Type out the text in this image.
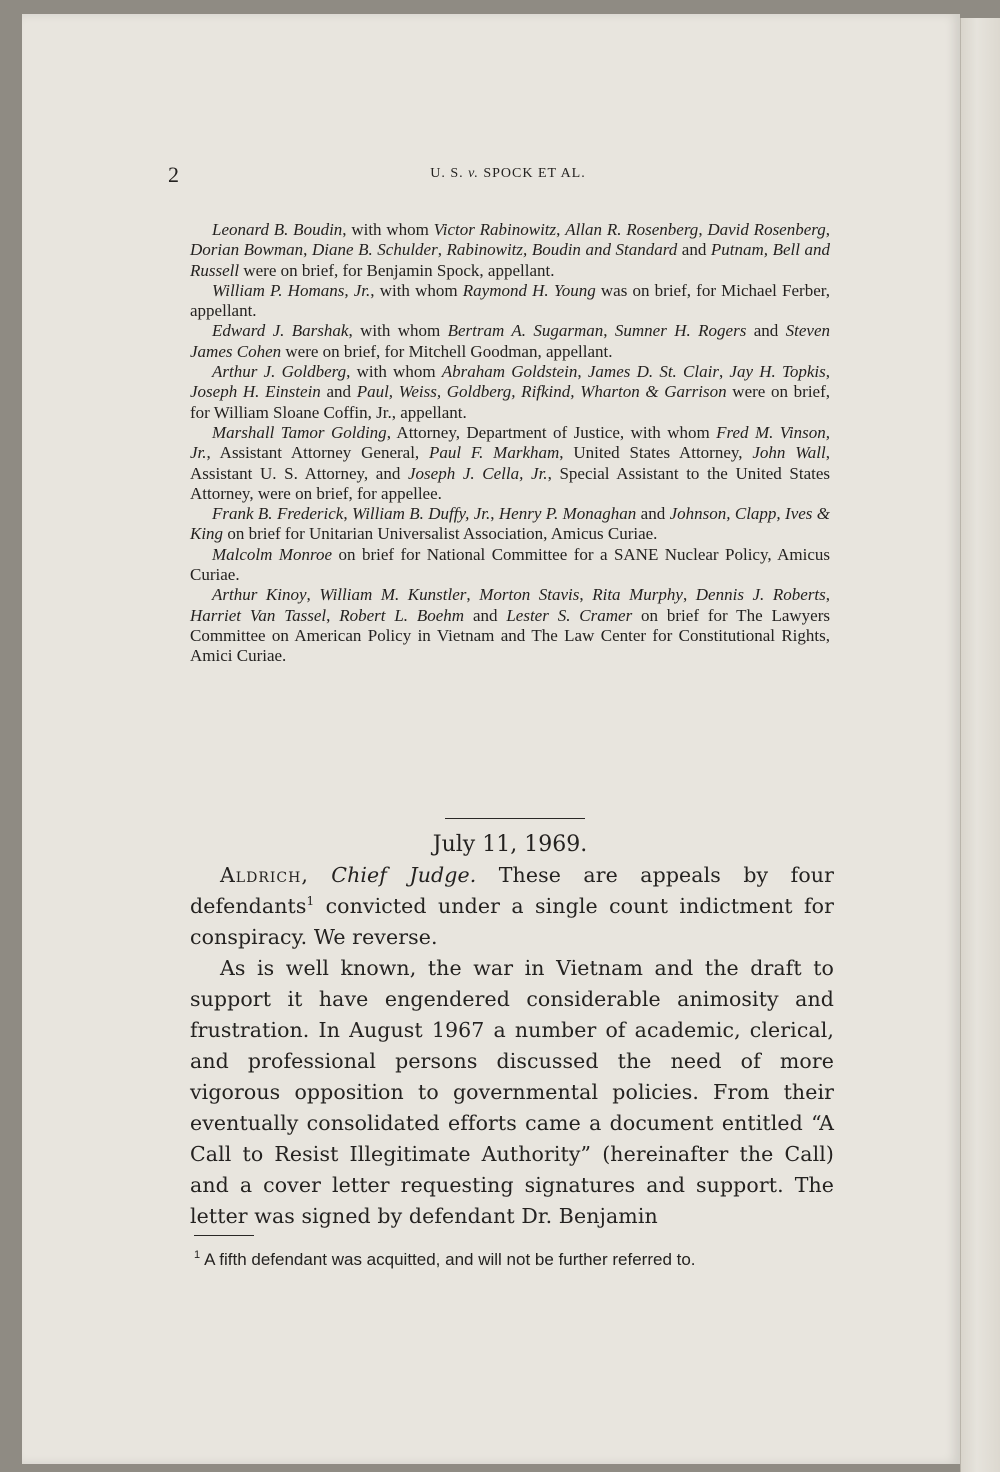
2	U. S. v. SPOCK ET AL.

Leonard B. Boudin, with whom Victor Rabinowitz, Allan R. Rosenberg, David Rosenberg, Dorian Bowman, Diane B. Schulder, Rabinowitz, Boudin and Standard and Putnam, Bell and Russell were on brief, for Benjamin Spock, appellant.

William P. Homans, Jr., with whom Raymond H. Young was on brief, for Michael Ferber, appellant.

Edward J. Barshak, with whom Bertram A. Sugarman, Sumner H. Rogers and Steven James Cohen were on brief, for Mitchell Goodman, appellant.

Arthur J. Goldberg, with whom Abraham Goldstein, James D. St. Clair, Jay H. Topkis, Joseph H. Einstein and Paul, Weiss, Goldberg, Rifkind, Wharton & Garrison were on brief, for William Sloane Coffin, Jr., appellant.

Marshall Tamor Golding, Attorney, Department of Justice, with whom Fred M. Vinson, Jr., Assistant Attorney General, Paul F. Markham, United States Attorney, John Wall, Assistant U. S. Attorney, and Joseph J. Cella, Jr., Special Assistant to the United States Attorney, were on brief, for appellee.

Frank B. Frederick, William B. Duffy, Jr., Henry P. Monaghan and Johnson, Clapp, Ives & King on brief for Unitarian Universalist Association, Amicus Curiae.

Malcolm Monroe on brief for National Committee for a SANE Nuclear Policy, Amicus Curiae.

Arthur Kinoy, William M. Kunstler, Morton Stavis, Rita Murphy, Dennis J. Roberts, Harriet Van Tassel, Robert L. Boehm and Lester S. Cramer on brief for The Lawyers Committee on American Policy in Vietnam and The Law Center for Constitutional Rights, Amici Curiae.

July 11, 1969.

Aldrich, Chief Judge. These are appeals by four defendants$^1$ convicted under a single count indictment for conspiracy. We reverse.

As is well known, the war in Vietnam and the draft to support it have engendered considerable animosity and frustration. In August 1967 a number of academic, clerical, and professional persons discussed the need of more vigorous opposition to governmental policies. From their eventually consolidated efforts came a document entitled “A Call to Resist Illegitimate Authority” (hereinafter the Call) and a cover letter requesting signatures and support. The letter was signed by defendant Dr. Benjamin

$^1$ A fifth defendant was acquitted, and will not be further referred to.
